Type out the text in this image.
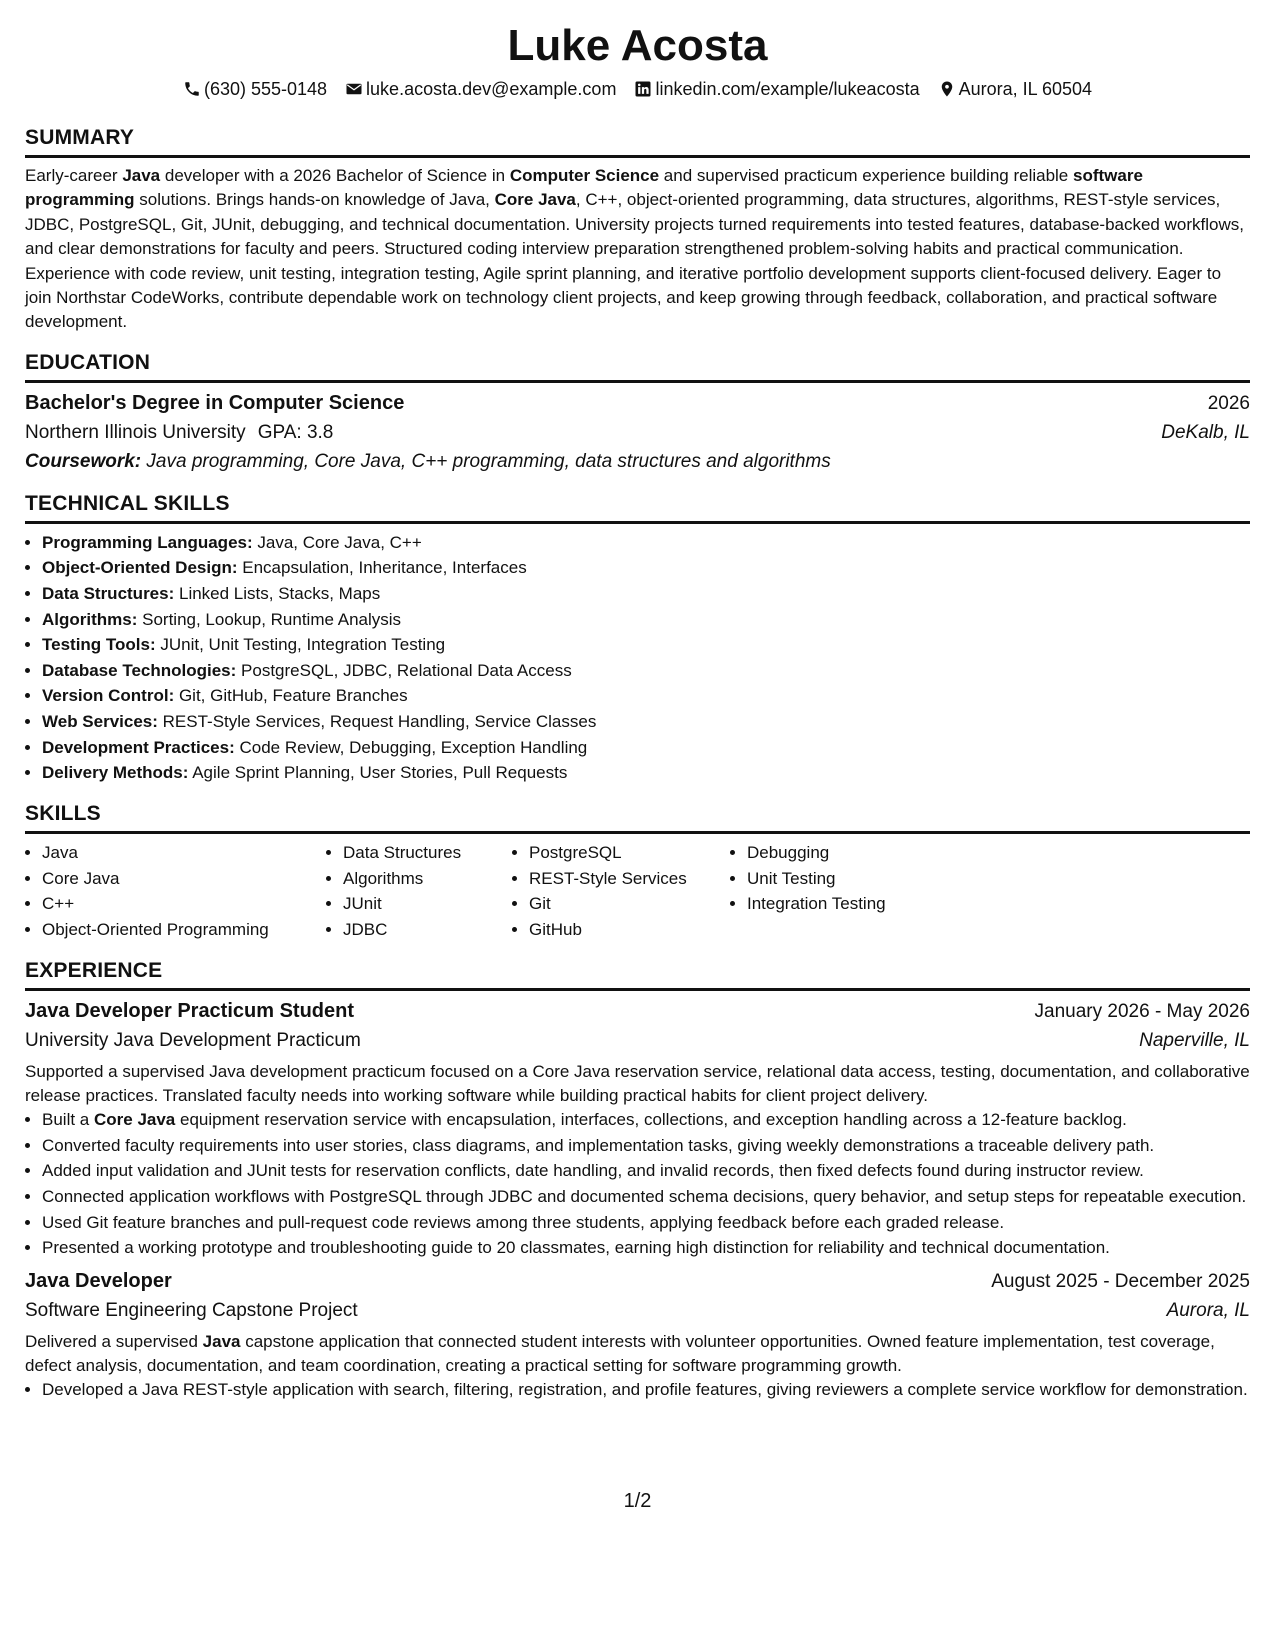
Luke Acosta
(630) 555-0148 luke.acosta.dev@example.com linkedin.com/example/lukeacosta Aurora, IL 60504
SUMMARY
Early-career Java developer with a 2026 Bachelor of Science in Computer Science and supervised practicum experience building reliable software programming solutions. Brings hands-on knowledge of Java, Core Java, C++, object-oriented programming, data structures, algorithms, REST-style services, JDBC, PostgreSQL, Git, JUnit, debugging, and technical documentation. University projects turned requirements into tested features, database-backed workflows, and clear demonstrations for faculty and peers. Structured coding interview preparation strengthened problem-solving habits and practical communication. Experience with code review, unit testing, integration testing, Agile sprint planning, and iterative portfolio development supports client-focused delivery. Eager to join Northstar CodeWorks, contribute dependable work on technology client projects, and keep growing through feedback, collaboration, and practical software development.
EDUCATION
Bachelor's Degree in Computer Science	2026
Northern Illinois University GPA: 3.8	DeKalb, IL
Coursework: Java programming, Core Java, C++ programming, data structures and algorithms
TECHNICAL SKILLS
• Programming Languages: Java, Core Java, C++
• Object-Oriented Design: Encapsulation, Inheritance, Interfaces
• Data Structures: Linked Lists, Stacks, Maps
• Algorithms: Sorting, Lookup, Runtime Analysis
• Testing Tools: JUnit, Unit Testing, Integration Testing
• Database Technologies: PostgreSQL, JDBC, Relational Data Access
• Version Control: Git, GitHub, Feature Branches
• Web Services: REST-Style Services, Request Handling, Service Classes
• Development Practices: Code Review, Debugging, Exception Handling
• Delivery Methods: Agile Sprint Planning, User Stories, Pull Requests
SKILLS
• Java
• Core Java
• C++
• Object-Oriented Programming
• Data Structures
• Algorithms
• JUnit
• JDBC
• PostgreSQL
• REST-Style Services
• Git
• GitHub
• Debugging
• Unit Testing
• Integration Testing
EXPERIENCE
Java Developer Practicum Student	January 2026 - May 2026
University Java Development Practicum	Naperville, IL
Supported a supervised Java development practicum focused on a Core Java reservation service, relational data access, testing, documentation, and collaborative release practices. Translated faculty needs into working software while building practical habits for client project delivery.
• Built a Core Java equipment reservation service with encapsulation, interfaces, collections, and exception handling across a 12-feature backlog.
• Converted faculty requirements into user stories, class diagrams, and implementation tasks, giving weekly demonstrations a traceable delivery path.
• Added input validation and JUnit tests for reservation conflicts, date handling, and invalid records, then fixed defects found during instructor review.
• Connected application workflows with PostgreSQL through JDBC and documented schema decisions, query behavior, and setup steps for repeatable execution.
• Used Git feature branches and pull-request code reviews among three students, applying feedback before each graded release.
• Presented a working prototype and troubleshooting guide to 20 classmates, earning high distinction for reliability and technical documentation.
Java Developer	August 2025 - December 2025
Software Engineering Capstone Project	Aurora, IL
Delivered a supervised Java capstone application that connected student interests with volunteer opportunities. Owned feature implementation, test coverage, defect analysis, documentation, and team coordination, creating a practical setting for software programming growth.
• Developed a Java REST-style application with search, filtering, registration, and profile features, giving reviewers a complete service workflow for demonstration.
1/2
